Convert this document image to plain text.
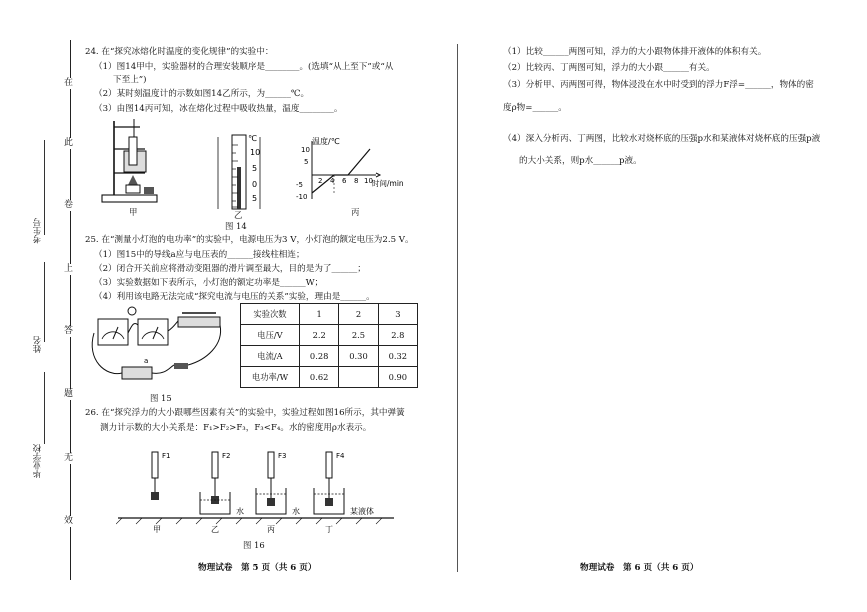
在
此
卷
上
答
题
无
效
考生号
姓名
毕业学校
24. 在“探究冰熔化时温度的变化规律”的实验中：
（1）图14甲中，实验器材的合理安装顺序是________。(选填“从上至下”或“从
下至上”)
（2）某时刻温度计的示数如图14乙所示，为______℃。
（3）由图14丙可知，冰在熔化过程中吸收热量，温度________。
甲
℃
10
5
0
5
乙
温度/℃
10
5
-5
-10
2 4 6 8 10 时间/min
丙
图 14
25. 在“测量小灯泡的电功率”的实验中，电源电压为3 V，小灯泡的额定电压为2.5 V。
（1）图15中的导线a应与电压表的______接线柱相连；
（2）闭合开关前应将滑动变阻器的滑片调至最大，目的是为了______；
（3）实验数据如下表所示，小灯泡的额定功率是______W；
（4）利用该电路无法完成“探究电流与电压的关系”实验，理由是______。
a
图 15
实验次数	1	2	3
电压/V	2.2	2.5	2.8
电流/A	0.28	0.30	0.32
电功率/W	0.62		0.90
26. 在“探究浮力的大小跟哪些因素有关”的实验中，实验过程如图16所示，其中弹簧
测力计示数的大小关系是：F₁>F₂>F₃，F₃<F₄。水的密度用ρ水表示。
F1	F2	F3	F4
甲	乙	丙	丁
水	水	某液体
图 16
物理试卷　第 5 页（共 6 页）
（1）比较______两图可知，浮力的大小跟物体排开液体的体积有关。
（2）比较丙、丁两图可知，浮力的大小跟______有关。
（3）分析甲、丙两图可得，物体浸没在水中时受到的浮力F浮=______，物体的密
度ρ物=______。
（4）深入分析丙、丁两图，比较水对烧杯底的压强p水和某液体对烧杯底的压强p液
的大小关系，则p水______p液。
物理试卷　第 6 页（共 6 页）
